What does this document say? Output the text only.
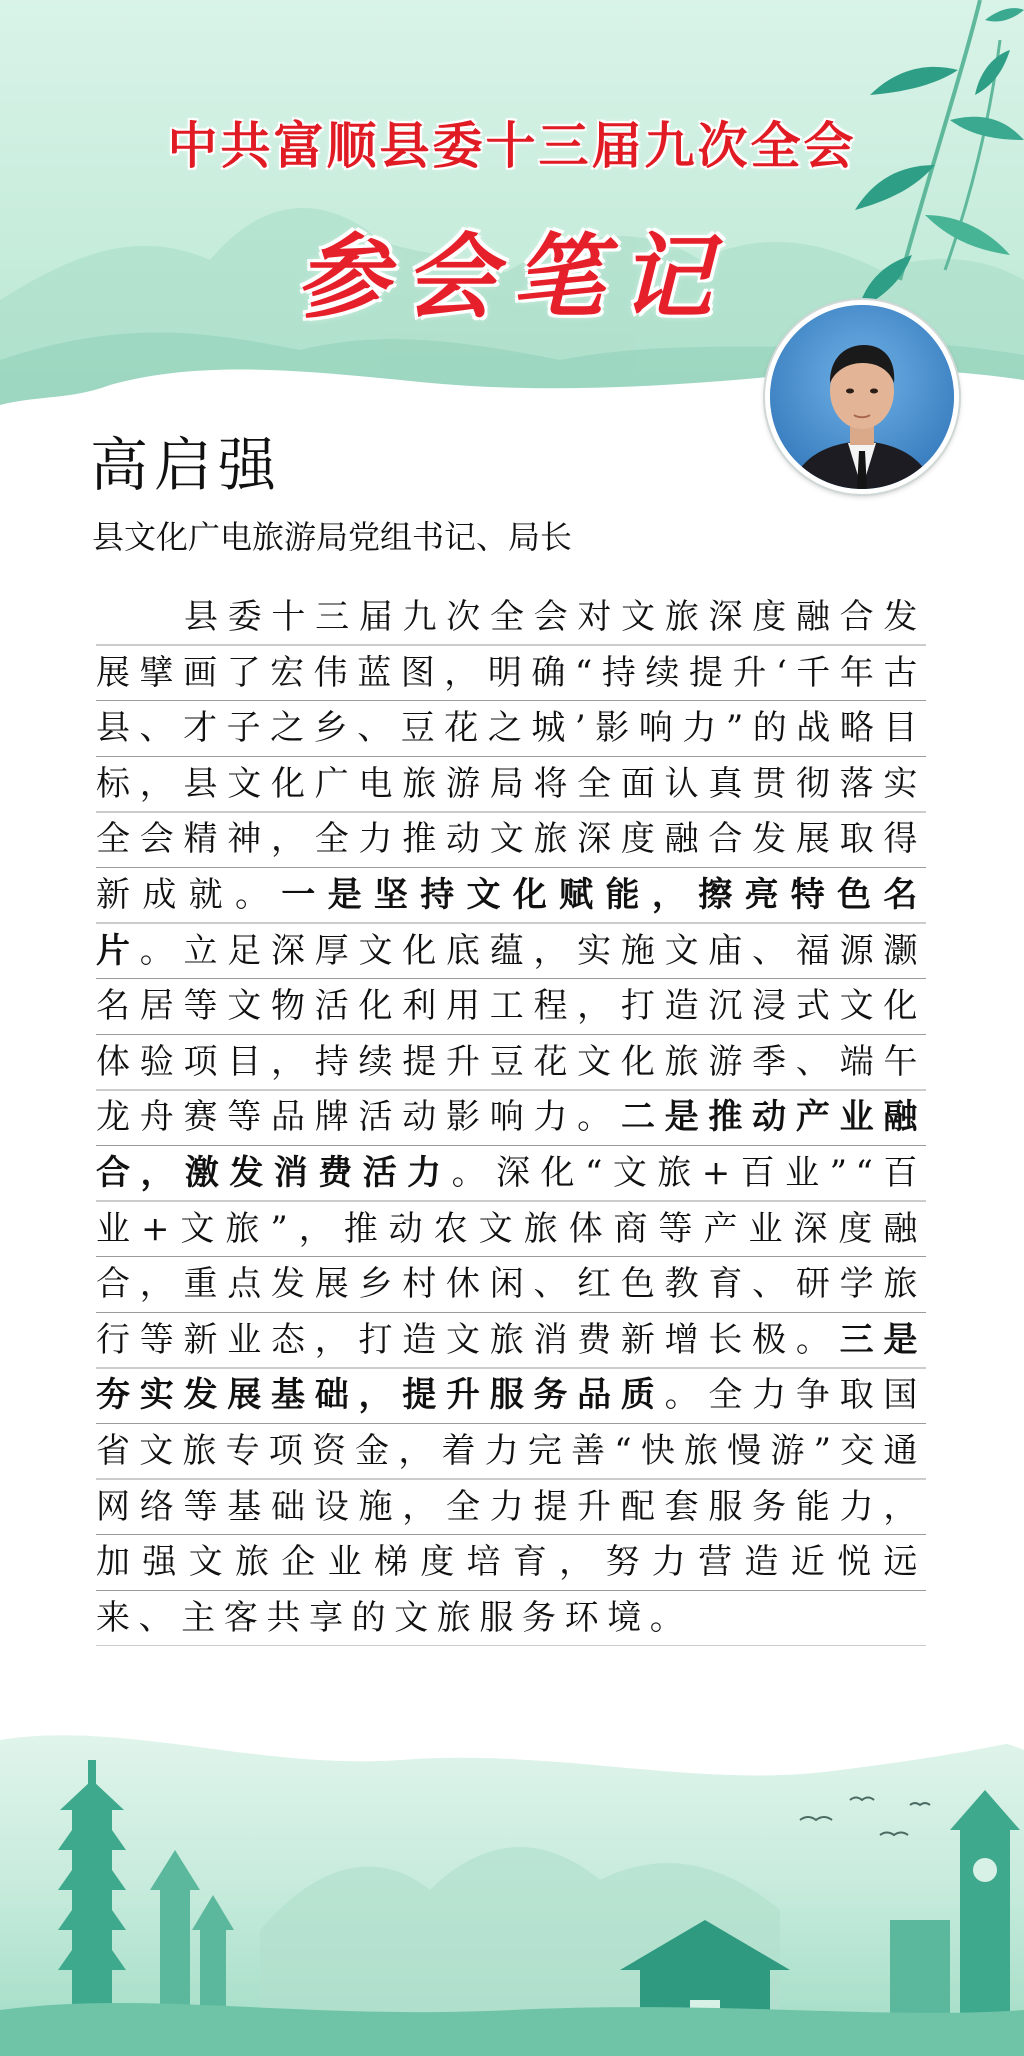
中共富顺县委十三届九次全会
参会笔记
高启强
县文化广电旅游局党组书记、局长
县委十三届九次全会对文旅深度融合发展擘画了宏伟蓝图，明确“持续提升‘千年古县、才子之乡、豆花之城’影响力”的战略目标，县文化广电旅游局将全面认真贯彻落实全会精神，全力推动文旅深度融合发展取得新成就。一是坚持文化赋能，擦亮特色名片。立足深厚文化底蕴，实施文庙、福源灏名居等文物活化利用工程，打造沉浸式文化体验项目，持续提升豆花文化旅游季、端午龙舟赛等品牌活动影响力。二是推动产业融合，激发消费活力。深化“文旅+百业”“百业+文旅”，推动农文旅体商等产业深度融合，重点发展乡村休闲、红色教育、研学旅行等新业态，打造文旅消费新增长极。三是夯实发展基础，提升服务品质。全力争取国省文旅专项资金，着力完善“快旅慢游”交通网络等基础设施，全力提升配套服务能力，加强文旅企业梯度培育，努力营造近悦远来、主客共享的文旅服务环境。
